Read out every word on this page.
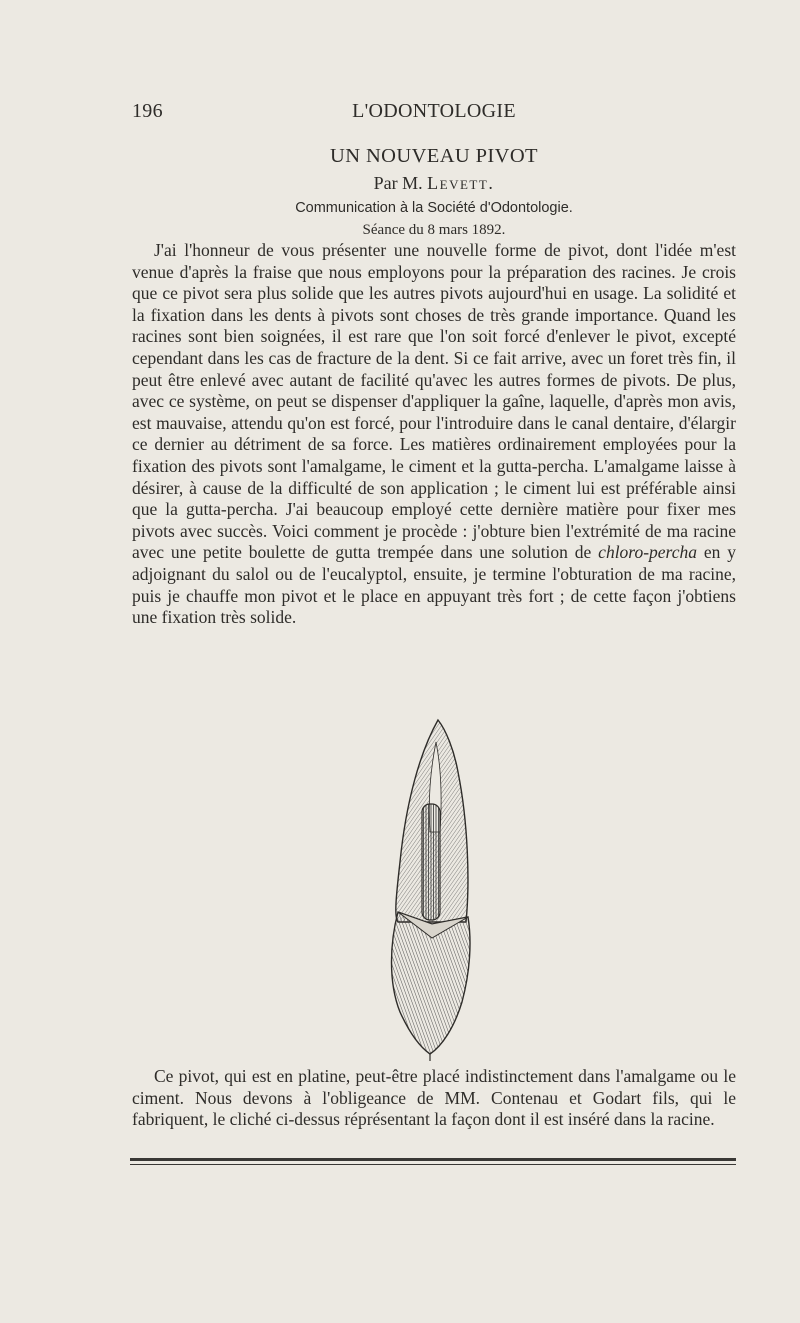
196	L'ODONTOLOGIE

UN NOUVEAU PIVOT

Par M. Levett.

Communication à la Société d'Odontologie.

Séance du 8 mars 1892.

J'ai l'honneur de vous présenter une nouvelle forme de pivot, dont l'idée m'est venue d'après la fraise que nous employons pour la préparation des racines. Je crois que ce pivot sera plus solide que les autres pivots aujourd'hui en usage. La solidité et la fixation dans les dents à pivots sont choses de très grande importance. Quand les racines sont bien soignées, il est rare que l'on soit forcé d'enlever le pivot, excepté cependant dans les cas de fracture de la dent. Si ce fait arrive, avec un foret très fin, il peut être enlevé avec autant de facilité qu'avec les autres formes de pivots. De plus, avec ce système, on peut se dispenser d'appliquer la gaîne, laquelle, d'après mon avis, est mauvaise, attendu qu'on est forcé, pour l'introduire dans le canal dentaire, d'élargir ce dernier au détriment de sa force. Les matières ordinairement employées pour la fixation des pivots sont l'amalgame, le ciment et la gutta-percha. L'amalgame laisse à désirer, à cause de la difficulté de son application ; le ciment lui est préférable ainsi que la gutta-percha. J'ai beaucoup employé cette dernière matière pour fixer mes pivots avec succès. Voici comment je procède : j'obture bien l'extrémité de ma racine avec une petite boulette de gutta trempée dans une solution de chloro-percha en y adjoignant du salol ou de l'eucalyptol, ensuite, je termine l'obturation de ma racine, puis je chauffe mon pivot et le place en appuyant très fort ; de cette façon j'obtiens une fixation très solide.

Ce pivot, qui est en platine, peut-être placé indistinctement dans l'amalgame ou le ciment. Nous devons à l'obligeance de MM. Contenau et Godart fils, qui le fabriquent, le cliché ci-dessus réprésentant la façon dont il est inséré dans la racine.
